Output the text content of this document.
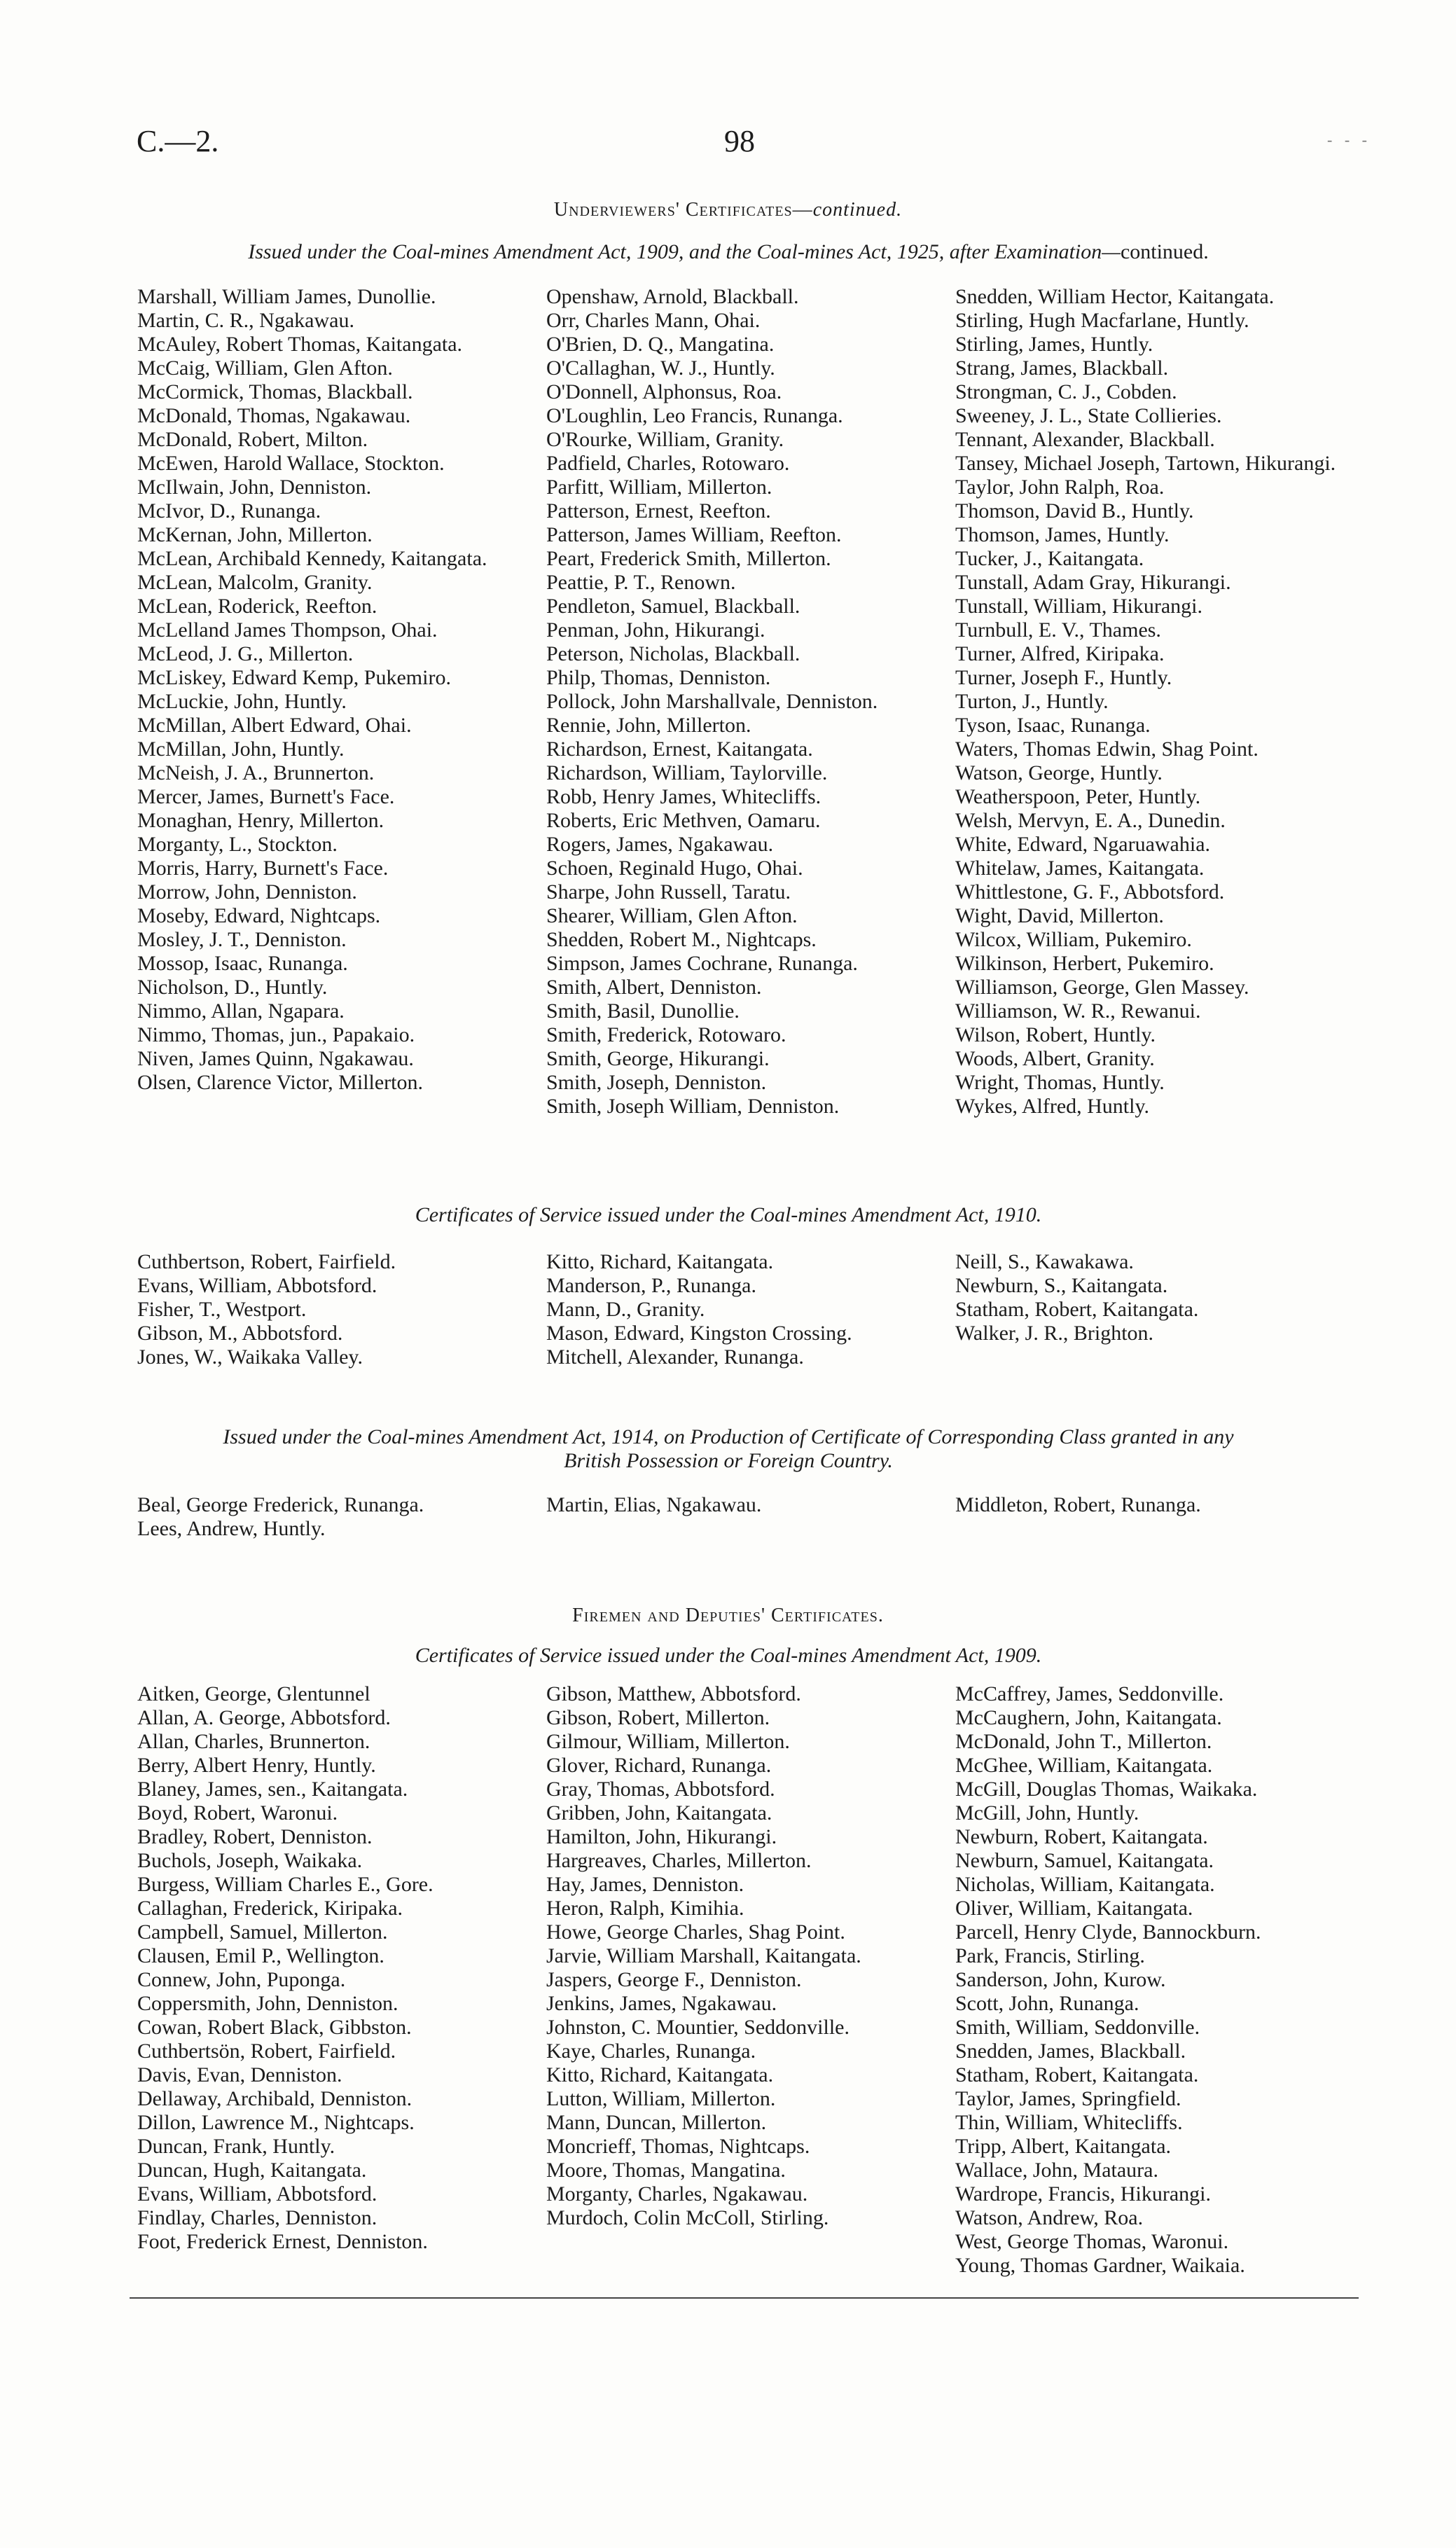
C.—2.	98	- - -
Underviewers' Certificates—continued.
Issued under the Coal-mines Amendment Act, 1909, and the Coal-mines Act, 1925, after Examination—continued.
Marshall, William James, Dunollie.
Martin, C. R., Ngakawau.
McAuley, Robert Thomas, Kaitangata.
McCaig, William, Glen Afton.
McCormick, Thomas, Blackball.
McDonald, Thomas, Ngakawau.
McDonald, Robert, Milton.
McEwen, Harold Wallace, Stockton.
McIlwain, John, Denniston.
McIvor, D., Runanga.
McKernan, John, Millerton.
McLean, Archibald Kennedy, Kaitangata.
McLean, Malcolm, Granity.
McLean, Roderick, Reefton.
McLelland James Thompson, Ohai.
McLeod, J. G., Millerton.
McLiskey, Edward Kemp, Pukemiro.
McLuckie, John, Huntly.
McMillan, Albert Edward, Ohai.
McMillan, John, Huntly.
McNeish, J. A., Brunnerton.
Mercer, James, Burnett's Face.
Monaghan, Henry, Millerton.
Morganty, L., Stockton.
Morris, Harry, Burnett's Face.
Morrow, John, Denniston.
Moseby, Edward, Nightcaps.
Mosley, J. T., Denniston.
Mossop, Isaac, Runanga.
Nicholson, D., Huntly.
Nimmo, Allan, Ngapara.
Nimmo, Thomas, jun., Papakaio.
Niven, James Quinn, Ngakawau.
Olsen, Clarence Victor, Millerton.
Openshaw, Arnold, Blackball.
Orr, Charles Mann, Ohai.
O'Brien, D. Q., Mangatina.
O'Callaghan, W. J., Huntly.
O'Donnell, Alphonsus, Roa.
O'Loughlin, Leo Francis, Runanga.
O'Rourke, William, Granity.
Padfield, Charles, Rotowaro.
Parfitt, William, Millerton.
Patterson, Ernest, Reefton.
Patterson, James William, Reefton.
Peart, Frederick Smith, Millerton.
Peattie, P. T., Renown.
Pendleton, Samuel, Blackball.
Penman, John, Hikurangi.
Peterson, Nicholas, Blackball.
Philp, Thomas, Denniston.
Pollock, John Marshallvale, Denniston.
Rennie, John, Millerton.
Richardson, Ernest, Kaitangata.
Richardson, William, Taylorville.
Robb, Henry James, Whitecliffs.
Roberts, Eric Methven, Oamaru.
Rogers, James, Ngakawau.
Schoen, Reginald Hugo, Ohai.
Sharpe, John Russell, Taratu.
Shearer, William, Glen Afton.
Shedden, Robert M., Nightcaps.
Simpson, James Cochrane, Runanga.
Smith, Albert, Denniston.
Smith, Basil, Dunollie.
Smith, Frederick, Rotowaro.
Smith, George, Hikurangi.
Smith, Joseph, Denniston.
Smith, Joseph William, Denniston.
Snedden, William Hector, Kaitangata.
Stirling, Hugh Macfarlane, Huntly.
Stirling, James, Huntly.
Strang, James, Blackball.
Strongman, C. J., Cobden.
Sweeney, J. L., State Collieries.
Tennant, Alexander, Blackball.
Tansey, Michael Joseph, Tartown, Hikurangi.
Taylor, John Ralph, Roa.
Thomson, David B., Huntly.
Thomson, James, Huntly.
Tucker, J., Kaitangata.
Tunstall, Adam Gray, Hikurangi.
Tunstall, William, Hikurangi.
Turnbull, E. V., Thames.
Turner, Alfred, Kiripaka.
Turner, Joseph F., Huntly.
Turton, J., Huntly.
Tyson, Isaac, Runanga.
Waters, Thomas Edwin, Shag Point.
Watson, George, Huntly.
Weatherspoon, Peter, Huntly.
Welsh, Mervyn, E. A., Dunedin.
White, Edward, Ngaruawahia.
Whitelaw, James, Kaitangata.
Whittlestone, G. F., Abbotsford.
Wight, David, Millerton.
Wilcox, William, Pukemiro.
Wilkinson, Herbert, Pukemiro.
Williamson, George, Glen Massey.
Williamson, W. R., Rewanui.
Wilson, Robert, Huntly.
Woods, Albert, Granity.
Wright, Thomas, Huntly.
Wykes, Alfred, Huntly.
Certificates of Service issued under the Coal-mines Amendment Act, 1910.
Cuthbertson, Robert, Fairfield.
Evans, William, Abbotsford.
Fisher, T., Westport.
Gibson, M., Abbotsford.
Jones, W., Waikaka Valley.
Kitto, Richard, Kaitangata.
Manderson, P., Runanga.
Mann, D., Granity.
Mason, Edward, Kingston Crossing.
Mitchell, Alexander, Runanga.
Neill, S., Kawakawa.
Newburn, S., Kaitangata.
Statham, Robert, Kaitangata.
Walker, J. R., Brighton.
Issued under the Coal-mines Amendment Act, 1914, on Production of Certificate of Corresponding Class granted in any
British Possession or Foreign Country.
Beal, George Frederick, Runanga.
Lees, Andrew, Huntly.
Martin, Elias, Ngakawau.	Middleton, Robert, Runanga.
Firemen and Deputies' Certificates.
Certificates of Service issued under the Coal-mines Amendment Act, 1909.
Aitken, George, Glentunnel
Allan, A. George, Abbotsford.
Allan, Charles, Brunnerton.
Berry, Albert Henry, Huntly.
Blaney, James, sen., Kaitangata.
Boyd, Robert, Waronui.
Bradley, Robert, Denniston.
Buchols, Joseph, Waikaka.
Burgess, William Charles E., Gore.
Callaghan, Frederick, Kiripaka.
Campbell, Samuel, Millerton.
Clausen, Emil P., Wellington.
Connew, John, Puponga.
Coppersmith, John, Denniston.
Cowan, Robert Black, Gibbston.
Cuthbertsön, Robert, Fairfield.
Davis, Evan, Denniston.
Dellaway, Archibald, Denniston.
Dillon, Lawrence M., Nightcaps.
Duncan, Frank, Huntly.
Duncan, Hugh, Kaitangata.
Evans, William, Abbotsford.
Findlay, Charles, Denniston.
Foot, Frederick Ernest, Denniston.
Gibson, Matthew, Abbotsford.
Gibson, Robert, Millerton.
Gilmour, William, Millerton.
Glover, Richard, Runanga.
Gray, Thomas, Abbotsford.
Gribben, John, Kaitangata.
Hamilton, John, Hikurangi.
Hargreaves, Charles, Millerton.
Hay, James, Denniston.
Heron, Ralph, Kimihia.
Howe, George Charles, Shag Point.
Jarvie, William Marshall, Kaitangata.
Jaspers, George F., Denniston.
Jenkins, James, Ngakawau.
Johnston, C. Mountier, Seddonville.
Kaye, Charles, Runanga.
Kitto, Richard, Kaitangata.
Lutton, William, Millerton.
Mann, Duncan, Millerton.
Moncrieff, Thomas, Nightcaps.
Moore, Thomas, Mangatina.
Morganty, Charles, Ngakawau.
Murdoch, Colin McColl, Stirling.
McCaffrey, James, Seddonville.
McCaughern, John, Kaitangata.
McDonald, John T., Millerton.
McGhee, William, Kaitangata.
McGill, Douglas Thomas, Waikaka.
McGill, John, Huntly.
Newburn, Robert, Kaitangata.
Newburn, Samuel, Kaitangata.
Nicholas, William, Kaitangata.
Oliver, William, Kaitangata.
Parcell, Henry Clyde, Bannockburn.
Park, Francis, Stirling.
Sanderson, John, Kurow.
Scott, John, Runanga.
Smith, William, Seddonville.
Snedden, James, Blackball.
Statham, Robert, Kaitangata.
Taylor, James, Springfield.
Thin, William, Whitecliffs.
Tripp, Albert, Kaitangata.
Wallace, John, Mataura.
Wardrope, Francis, Hikurangi.
Watson, Andrew, Roa.
West, George Thomas, Waronui.
Young, Thomas Gardner, Waikaia.
